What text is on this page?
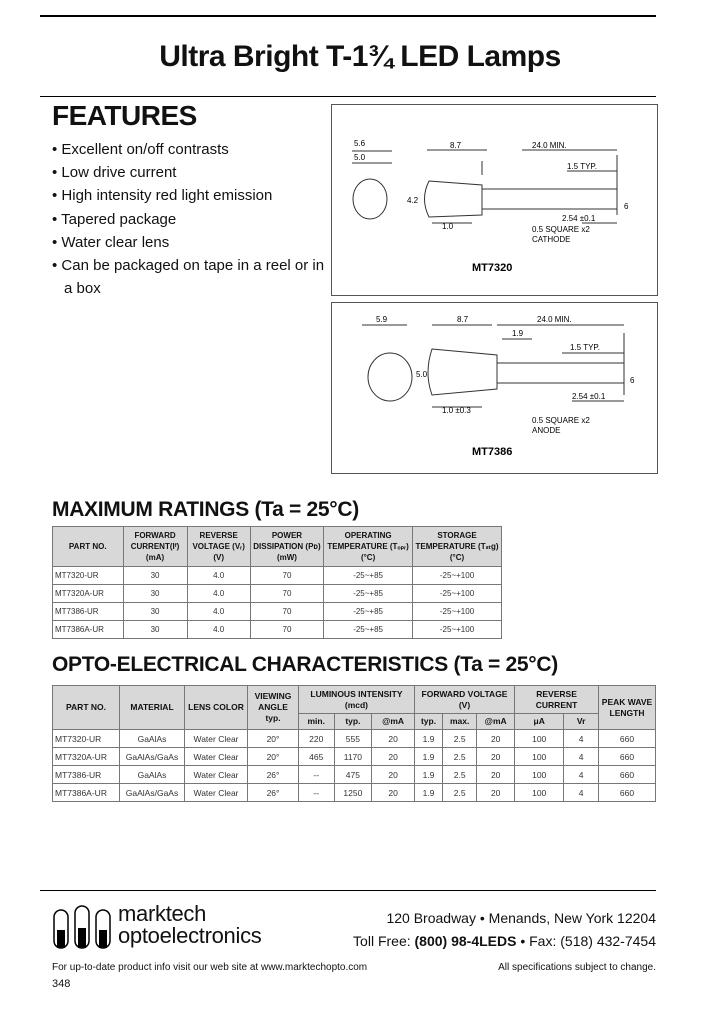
Ultra Bright T-1¾ LED Lamps
FEATURES
• Excellent on/off contrasts
• Low drive current
• High intensity red light emission
• Tapered package
• Water clear lens
• Can be packaged on tape in a reel or in a box
5.6
5.0
8.7	24.0 MIN.
1.5 TYP.
4.2
1.0
2.54 ±0.1
0.5 SQUARE x2
CATHODE
6
MT7320
5.9	8.7	24.0 MIN.
1.9
1.5 TYP.
5.0
1.0 ±0.3
2.54 ±0.1
0.5 SQUARE x2
ANODE
6
MT7386
MAXIMUM RATINGS (Ta = 25°C)
PART NO.	FORWARD CURRENT(Iᶠ) (mA)	REVERSE VOLTAGE (Vᵣ) (V)	POWER DISSIPATION (Pᴅ) (mW)	OPERATING TEMPERATURE (Tₒₚᵣ) (°C)	STORAGE TEMPERATURE (Tₛₜg) (°C)
MT7320-UR	30	4.0	70	-25~+85	-25~+100
MT7320A-UR	30	4.0	70	-25~+85	-25~+100
MT7386-UR	30	4.0	70	-25~+85	-25~+100
MT7386A-UR	30	4.0	70	-25~+85	-25~+100
OPTO-ELECTRICAL CHARACTERISTICS (Ta = 25°C)
PART NO.	MATERIAL	LENS COLOR	VIEWING ANGLE typ.	LUMINOUS INTENSITY (mcd)			FORWARD VOLTAGE (V)			REVERSE CURRENT		PEAK WAVE LENGTH
				min.	typ.	@mA	typ.	max.	@mA	μA	Vr	
MT7320-UR	GaAlAs	Water Clear	20°	220	555	20	1.9	2.5	20	100	4	660
MT7320A-UR	GaAlAs/GaAs	Water Clear	20°	465	1170	20	1.9	2.5	20	100	4	660
MT7386-UR	GaAlAs	Water Clear	26°	--	475	20	1.9	2.5	20	100	4	660
MT7386A-UR	GaAlAs/GaAs	Water Clear	26°	--	1250	20	1.9	2.5	20	100	4	660
marktech
optoelectronics
120 Broadway • Menands, New York 12204
Toll Free: (800) 98-4LEDS • Fax: (518) 432-7454
For up-to-date product info visit our web site at www.marktechopto.com	All specifications subject to change.
348
